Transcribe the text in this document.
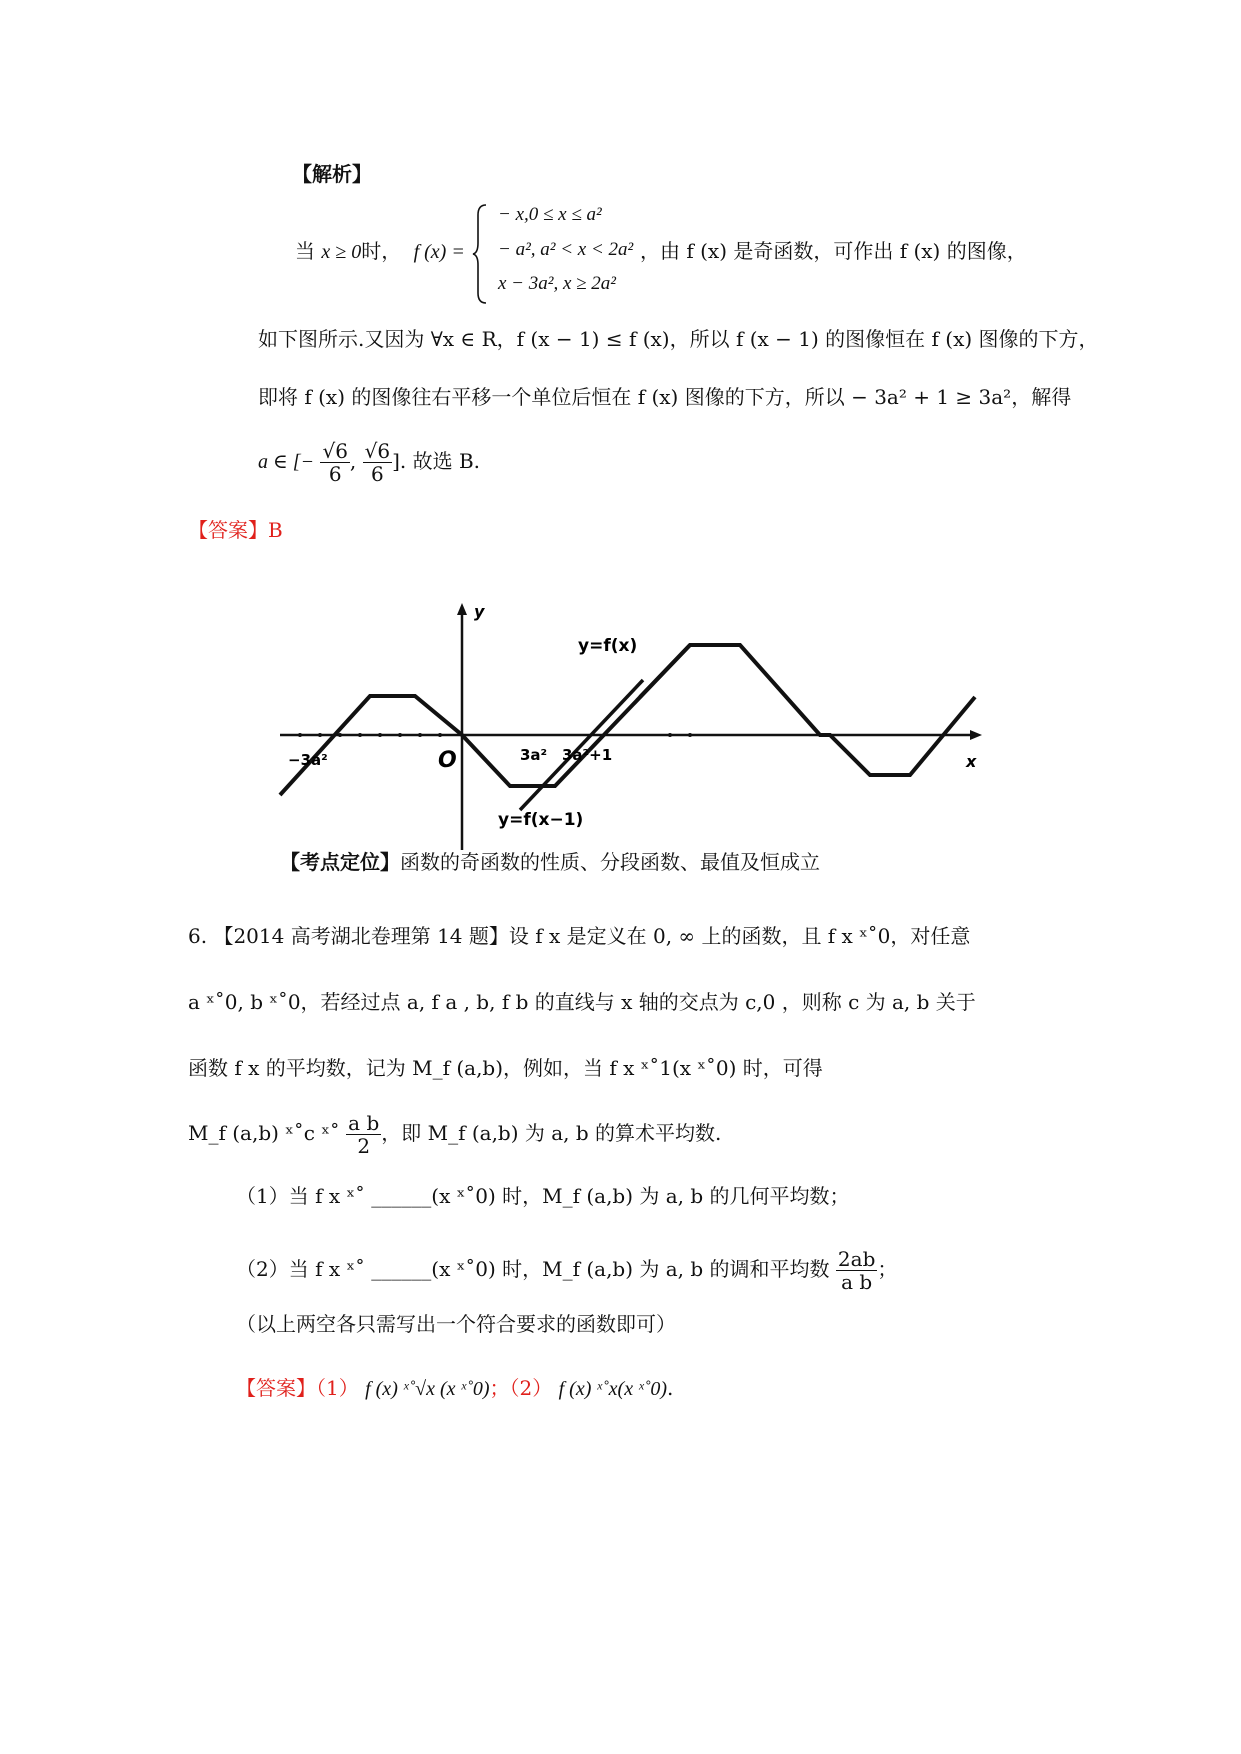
【解析】
当 x ≥ 0时， f (x) =
− x,0 ≤ x ≤ a²
− a², a² < x < 2a²
x − 3a², x ≥ 2a²
，由 f (x) 是奇函数，可作出 f (x) 的图像，
如下图所示.又因为 ∀x ∈ R，f (x − 1) ≤ f (x)，所以 f (x − 1) 的图像恒在 f (x) 图像的下方，
即将 f (x) 的图像往右平移一个单位后恒在 f (x) 图像的下方，所以 − 3a² + 1 ≥ 3a²，解得
a ∈ [− $\frac{√6}{6}$ , $\frac{√6}{6}$ ]. 故选 B.
【答案】B
y
x
O
y=f(x)
y=f(x−1)
−3a²	3a² 3a²+1
【考点定位】函数的奇函数的性质、分段函数、最值及恒成立
6. 【2014 高考湖北卷理第 14 题】设 f x 是定义在 0, ∞ 上的函数，且 f x ˣ˚0，对任意
a ˣ˚0, b ˣ˚0，若经过点 a, f a , b, f b 的直线与 x 轴的交点为 c,0 ，则称 c 为 a, b 关于
函数 f x 的平均数，记为 M_f (a,b)，例如，当 f x ˣ˚1(x ˣ˚0) 时，可得
M_f (a,b) ˣ˚c ˣ˚ $\frac{\text{a b}}{2}$ ，即 M_f (a,b) 为 a, b 的算术平均数.
（1）当 f x ˣ˚ ______(x ˣ˚0) 时，M_f (a,b) 为 a, b 的几何平均数；
（2）当 f x ˣ˚ ______(x ˣ˚0) 时，M_f (a,b) 为 a, b 的调和平均数 $\frac{2ab}{\text{a b}}$ ；
（以上两空各只需写出一个符合要求的函数即可）
【答案】（1） f (x) ˣ˚√x (x ˣ˚0)；（2） f (x) ˣ˚x(x ˣ˚0).
